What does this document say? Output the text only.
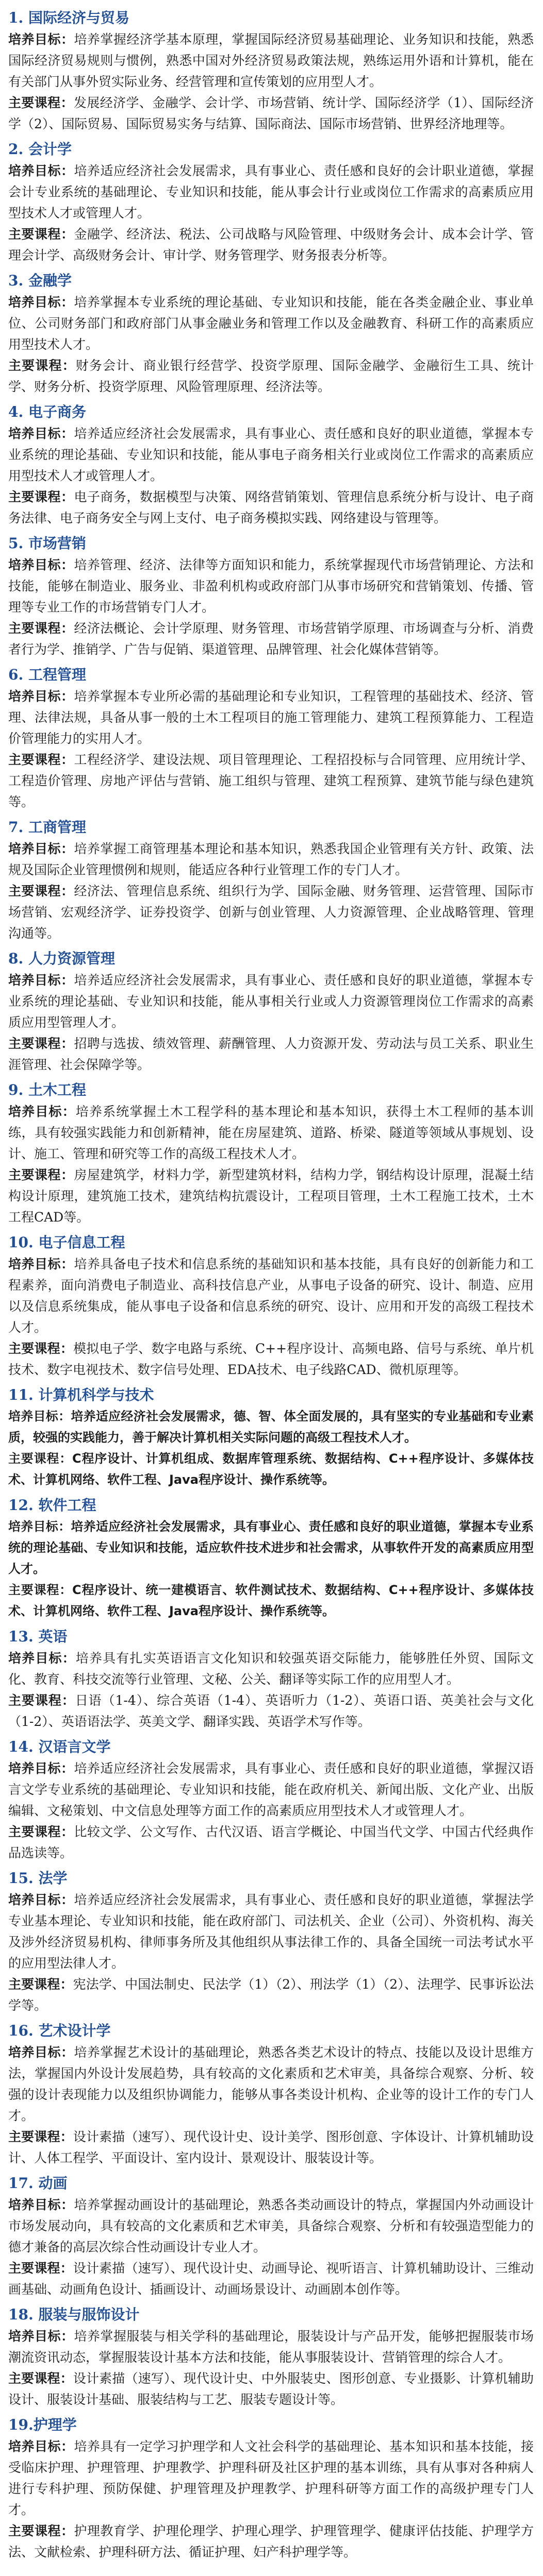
1. 国际经济与贸易

培养目标：培养掌握经济学基本原理，掌握国际经济贸易基础理论、业务知识和技能，熟悉国际经济贸易规则与惯例，熟悉中国对外经济贸易政策法规，熟练运用外语和计算机，能在有关部门从事外贸实际业务、经营管理和宣传策划的应用型人才。

主要课程：发展经济学、金融学、会计学、市场营销、统计学、国际经济学（1）、国际经济学（2）、国际贸易、国际贸易实务与结算、国际商法、国际市场营销、世界经济地理等。

2. 会计学

培养目标：培养适应经济社会发展需求，具有事业心、责任感和良好的会计职业道德，掌握会计专业系统的基础理论、专业知识和技能，能从事会计行业或岗位工作需求的高素质应用型技术人才或管理人才。

主要课程：金融学、经济法、税法、公司战略与风险管理、中级财务会计、成本会计学、管理会计学、高级财务会计、审计学、财务管理学、财务报表分析等。

3. 金融学

培养目标：培养掌握本专业系统的理论基础、专业知识和技能，能在各类金融企业、事业单位、公司财务部门和政府部门从事金融业务和管理工作以及金融教育、科研工作的高素质应用型技术人才。

主要课程：财务会计、商业银行经营学、投资学原理、国际金融学、金融衍生工具、统计学、财务分析、投资学原理、风险管理原理、经济法等。

4. 电子商务

培养目标：培养适应经济社会发展需求，具有事业心、责任感和良好的职业道德，掌握本专业系统的理论基础、专业知识和技能，能从事电子商务相关行业或岗位工作需求的高素质应用型技术人才或管理人才。

主要课程：电子商务，数据模型与决策、网络营销策划、管理信息系统分析与设计、电子商务法律、电子商务安全与网上支付、电子商务模拟实践、网络建设与管理等。

5. 市场营销

培养目标：培养管理、经济、法律等方面知识和能力，系统掌握现代市场营销理论、方法和技能，能够在制造业、服务业、非盈利机构或政府部门从事市场研究和营销策划、传播、管理等专业工作的市场营销专门人才。

主要课程：经济法概论、会计学原理、财务管理、市场营销学原理、市场调查与分析、消费者行为学、推销学、广告与促销、渠道管理、品牌管理、社会化媒体营销等。

6. 工程管理

培养目标：培养掌握本专业所必需的基础理论和专业知识，工程管理的基础技术、经济、管理、法律法规，具备从事一般的土木工程项目的施工管理能力、建筑工程预算能力、工程造价管理能力的实用人才。

主要课程：工程经济学、建设法规、项目管理理论、工程招投标与合同管理、应用统计学、工程造价管理、房地产评估与营销、施工组织与管理、建筑工程预算、建筑节能与绿色建筑等。

7. 工商管理

培养目标：培养掌握工商管理基本理论和基本知识，熟悉我国企业管理有关方针、政策、法规及国际企业管理惯例和规则，能适应各种行业管理工作的专门人才。

主要课程：经济法、管理信息系统、组织行为学、国际金融、财务管理、运营管理、国际市场营销、宏观经济学、证券投资学、创新与创业管理、人力资源管理、企业战略管理、管理沟通等。

8. 人力资源管理

培养目标：培养适应经济社会发展需求，具有事业心、责任感和良好的职业道德，掌握本专业系统的理论基础、专业知识和技能，能从事相关行业或人力资源管理岗位工作需求的高素质应用型管理人才。

主要课程：招聘与选拔、绩效管理、薪酬管理、人力资源开发、劳动法与员工关系、职业生涯管理、社会保障学等。

9. 土木工程

培养目标：培养系统掌握土木工程学科的基本理论和基本知识，获得土木工程师的基本训练，具有较强实践能力和创新精神，能在房屋建筑、道路、桥梁、隧道等领域从事规划、设计、施工、管理和研究等工作的高级工程技术人才。

主要课程：房屋建筑学，材料力学，新型建筑材料，结构力学，钢结构设计原理，混凝土结构设计原理，建筑施工技术，建筑结构抗震设计，工程项目管理，土木工程施工技术，土木工程CAD等。

10. 电子信息工程

培养目标：培养具备电子技术和信息系统的基础知识和基本技能，具有良好的创新能力和工程素养，面向消费电子制造业、高科技信息产业，从事电子设备的研究、设计、制造、应用以及信息系统集成，能从事电子设备和信息系统的研究、设计、应用和开发的高级工程技术人才。

主要课程：模拟电子学、数字电路与系统、C++程序设计、高频电路、信号与系统、单片机技术、数字电视技术、数字信号处理、EDA技术、电子线路CAD、微机原理等。

11. 计算机科学与技术

培养目标：培养适应经济社会发展需求，德、智、体全面发展的，具有坚实的专业基础和专业素质，较强的实践能力，善于解决计算机相关实际问题的高级工程技术人才。

主要课程：C程序设计、计算机组成、数据库管理系统、数据结构、C++程序设计、多媒体技术、计算机网络、软件工程、Java程序设计、操作系统等。

12. 软件工程

培养目标：培养适应经济社会发展需求，具有事业心、责任感和良好的职业道德，掌握本专业系统的理论基础、专业知识和技能，适应软件技术进步和社会需求，从事软件开发的高素质应用型人才。

主要课程：C程序设计、统一建模语言、软件测试技术、数据结构、C++程序设计、多媒体技术、计算机网络、软件工程、Java程序设计、操作系统等。

13. 英语

培养目标：培养具有扎实英语语言文化知识和较强英语交际能力，能够胜任外贸、国际文化、教育、科技交流等行业管理、文秘、公关、翻译等实际工作的应用型人才。

主要课程：日语（1-4）、综合英语（1-4）、英语听力（1-2）、英语口语、英美社会与文化（1-2）、英语语法学、英美文学、翻译实践、英语学术写作等。

14. 汉语言文学

培养目标：培养适应经济社会发展需求，具有事业心、责任感和良好的职业道德，掌握汉语言文学专业系统的基础理论、专业知识和技能，能在政府机关、新闻出版、文化产业、出版编辑、文秘策划、中文信息处理等方面工作的高素质应用型技术人才或管理人才。

主要课程：比较文学、公文写作、古代汉语、语言学概论、中国当代文学、中国古代经典作品选读等。

15. 法学

培养目标：培养适应经济社会发展需求，具有事业心、责任感和良好的职业道德，掌握法学专业基本理论、专业知识和技能，能在政府部门、司法机关、企业（公司）、外资机构、海关及涉外经济贸易机构、律师事务所及其他组织从事法律工作的、具备全国统一司法考试水平的应用型法律人才。

主要课程：宪法学、中国法制史、民法学（1）（2）、刑法学（1）（2）、法理学、民事诉讼法学等。

16. 艺术设计学

培养目标：培养掌握艺术设计的基础理论，熟悉各类艺术设计的特点、技能以及设计思维方法，掌握国内外设计发展趋势，具有较高的文化素质和艺术审美，具备综合观察、分析、较强的设计表现能力以及组织协调能力，能够从事各类设计机构、企业等的设计工作的专门人才。

主要课程：设计素描（速写）、现代设计史、设计美学、图形创意、字体设计、计算机辅助设计、人体工程学、平面设计、室内设计、景观设计、服装设计等。

17. 动画

培养目标：培养掌握动画设计的基础理论，熟悉各类动画设计的特点，掌握国内外动画设计市场发展动向，具有较高的文化素质和艺术审美，具备综合观察、分析和有较强造型能力的德才兼备的高层次综合性动画设计专业人才。

主要课程：设计素描（速写）、现代设计史、动画导论、视听语言、计算机辅助设计、三维动画基础、动画角色设计、插画设计、动画场景设计、动画剧本创作等。

18. 服装与服饰设计

培养目标：培养掌握服装与相关学科的基础理论，服装设计与产品开发，能够把握服装市场潮流资讯动态，掌握服装设计基本方法和技能，能从事服装设计、营销管理的综合人才。

主要课程：设计素描（速写）、现代设计史、中外服装史、图形创意、专业摄影、计算机辅助设计、服装设计基础、服装结构与工艺、服装专题设计等。

19.护理学

培养目标：培养具有一定学习护理学和人文社会科学的基础理论、基本知识和基本技能，接受临床护理、护理管理、护理教学、护理科研及社区护理的基本训练，具有从事对各种病人进行专科护理、预防保健、护理管理及护理教学、护理科研等方面工作的高级护理专门人才。

主要课程：护理教育学、护理伦理学、护理心理学、护理管理学、健康评估技能、护理学方法、文献检索、护理科研方法、循证护理、妇产科护理学等。
